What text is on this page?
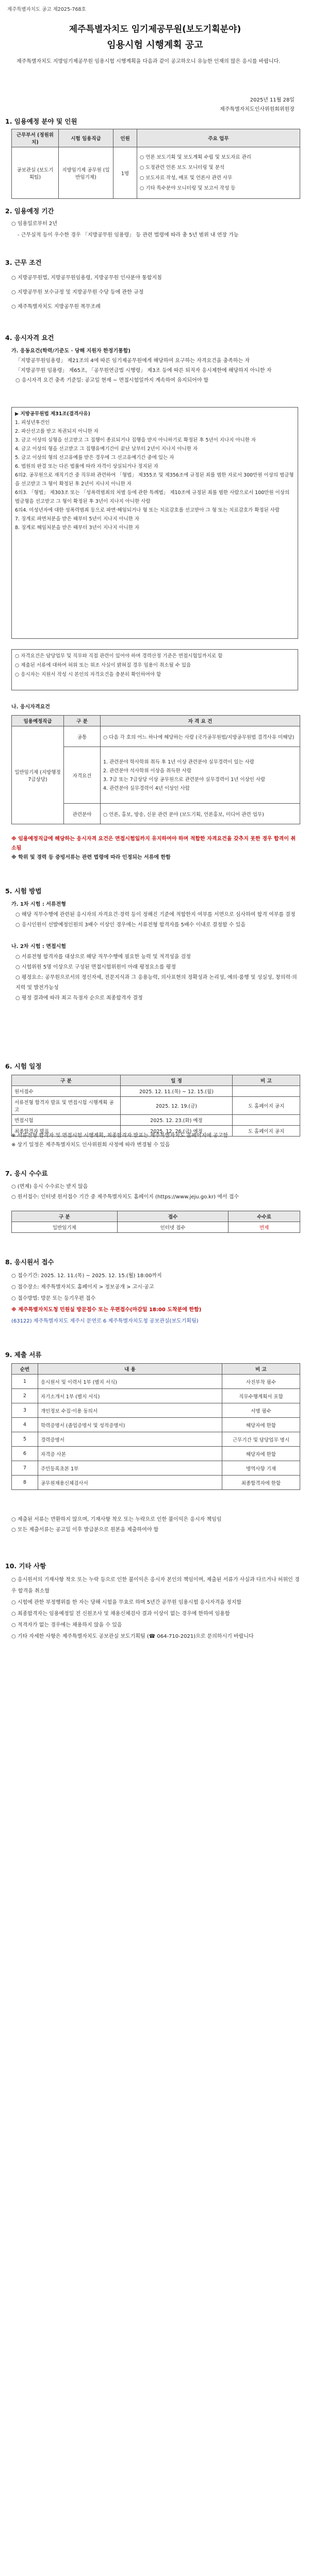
제주특별자치도 공고 제2025-768호
제주특별자치도 임기제공무원(보도기획분야)
임용시험 시행계획 공고
제주특별자치도 지방임기제공무원 임용시험 시행계획을 다음과 같이 공고하오니 유능한 인재의 많은 응시를 바랍니다.
2025년 11월 28일
제주특별자치도인사위원회위원장
1. 임용예정 분야 및 인원
근무부서 (정원위치)	시험 임용직급	인원	주요 업무
공보관실 (보도기획팀)	지방임기제 공무원 (일반임기제)	1명	○ 언론 보도기획 및 보도계획 수립 및 보도자료 관리
○ 도정관련 언론 보도 모니터링 및 분석
○ 보도자료 작성, 배포 및 언론사 관련 사무
○ 기타 특수분야 모니터링 및 보고서 작성 등
2. 임용예정 기간
○ 임용일로부터 2년
- 근무실적 등이 우수한 경우 「지방공무원 임용령」 등 관련 법령에 따라 총 5년 범위 내 연장 가능
3. 근무 조건
○ 지방공무원법, 지방공무원임용령, 지방공무원 인사분야 통합지침
○ 지방공무원 보수규정 및 지방공무원 수당 등에 관한 규정
○ 제주특별자치도 지방공무원 복무조례
4. 응시자격 요건
가. 응동요건(학력/기준도 · 당해 지원자 한정기통합)
「지방공무원임용령」 제21조의 4에 따른 임기제공무원에게 해당하여 요구하는 자격요건을 충족하는 자
「지방공무원 임용령」 제65조, 「공무원연금법 시행령」 제3조 등에 따른 퇴직자 응시제한에 해당하지 아니한 자
○ 응시자격 요건 충족 기준일: 공고일 현재 ~ 면접시험일까지 계속하여 유지되어야 함
▶ 지방공무원법 제31조(결격사유)
1. 피성년후견인
2. 파산선고를 받고 복권되지 아니한 자
3. 금고 이상의 실형을 선고받고 그 집행이 종료되거나 집행을 받지 아니하기로 확정된 후 5년이 지나지 아니한 자
4. 금고 이상의 형을 선고받고 그 집행유예기간이 끝난 날부터 2년이 지나지 아니한 자
5. 금고 이상의 형의 선고유예를 받은 경우에 그 선고유예기간 중에 있는 자
6. 법원의 판결 또는 다른 법률에 따라 자격이 상실되거나 정지된 자
6의2. 공무원으로 재직기간 중 직무와 관련하여 「형법」 제355조 및 제356조에 규정된 죄를 범한 자로서 300만원 이상의 벌금형을 선고받고 그 형이 확정된 후 2년이 지나지 아니한 자
6의3. 「형법」 제303조 또는 「성폭력범죄의 처벌 등에 관한 특례법」 제10조에 규정된 죄를 범한 사람으로서 100만원 이상의 벌금형을 선고받고 그 형이 확정된 후 3년이 지나지 아니한 사람
6의4. 미성년자에 대한 성폭력범죄 등으로 파면·해임되거나 형 또는 치료감호를 선고받아 그 형 또는 치료감호가 확정된 사람
7. 징계로 파면처분을 받은 때부터 5년이 지나지 아니한 자
8. 징계로 해임처분을 받은 때부터 3년이 지나지 아니한 자
○ 자격요건은 담당업무 및 직무와 직접 관련이 있어야 하며 경력산정 기준은 면접시험일까지로 함
○ 제출된 서류에 대하여 허위 또는 위조 사실이 밝혀질 경우 임용이 취소될 수 있음
○ 응시자는 지원서 작성 시 본인의 자격요건을 충분히 확인하여야 함
나. 응시자격요건
임용예정직급	구 분	자 격 요 건
일반임기제 (지방행정 7급상당)	공통	○ 다음 각 호의 어느 하나에 해당하는 사람 (국가공무원법/지방공무원법 결격사유 미해당)
	자격요건	1. 관련분야 학사학위 취득 후 1년 이상 관련분야 실무경력이 있는 사람
2. 관련분야 석사학위 이상을 취득한 사람
3. 7급 또는 7급상당 이상 공무원으로 관련분야 실무경력이 1년 이상인 사람
4. 관련분야 실무경력이 4년 이상인 사람
	관련분야	○ 언론, 홍보, 방송, 신문 관련 분야 (보도기획, 언론홍보, 미디어 관련 업무)
※ 임용예정직급에 해당하는 응시자격 요건은 면접시험일까지 유지하여야 하며 적합한 자격요건을 갖추지 못한 경우 합격이 취소됨
※ 학위 및 경력 등 증빙서류는 관련 법령에 따라 인정되는 서류에 한함
5. 시험 방법
가. 1차 시험 : 서류전형
○ 해당 직무수행에 관련된 응시자의 자격요건·경력 등이 정해진 기준에 적합한지 여부를 서면으로 심사하여 합격 여부를 결정
○ 응시인원이 선발예정인원의 3배수 이상인 경우에는 서류전형 합격자를 5배수 이내로 결정할 수 있음
나. 2차 시험 : 면접시험
○ 서류전형 합격자를 대상으로 해당 직무수행에 필요한 능력 및 적격성을 검정
○ 시험위원 5명 이상으로 구성된 면접시험위원이 아래 평정요소를 평정
○ 평정요소: 공무원으로서의 정신자세, 전문지식과 그 응용능력, 의사표현의 정확성과 논리성, 예의·품행 및 성실성, 창의력·의지력 및 발전가능성
○ 평정 결과에 따라 최고 득점자 순으로 최종합격자 결정
6. 시험 일정
구 분	일 정	비 고
원서접수	2025. 12. 11.(목) ~ 12. 15.(월)	
서류전형 합격자 발표 및 면접시험 시행계획 공고	2025. 12. 19.(금)	도 홈페이지 공지
면접시험	2025. 12. 23.(화) 예정	
최종합격자 발표	2025. 12. 26.(금) 예정	도 홈페이지 공지
※ 서류전형 합격자 및 면접시험 시행계획, 최종합격자 발표는 제주특별자치도 홈페이지에 공고함
※ 상기 일정은 제주특별자치도 인사위원회 사정에 따라 변경될 수 있음
7. 응시 수수료
○ (면제) 응시 수수료는 받지 않음
○ 원서접수: 인터넷 원서접수 기간 중 제주특별자치도 홈페이지 (https://www.jeju.go.kr) 에서 접수
구 분	접수	수수료
일반임기제	인터넷 접수	면제
8. 응시원서 접수
○ 접수기간: 2025. 12. 11.(목) ~ 2025. 12. 15.(월) 18:00까지
○ 접수장소: 제주특별자치도 홈페이지 > 정보공개 > 고시·공고
○ 접수방법: 방문 또는 등기우편 접수
※ 제주특별자치도청 민원실 방문접수 또는 우편접수(마감일 18:00 도착분에 한함)
(63122) 제주특별자치도 제주시 문연로 6 제주특별자치도청 공보관실(보도기획팀)
9. 제출 서류
순번	내 용	비 고
1	응시원서 및 이력서 1부 (별지 서식)	사진부착 필수
2	자기소개서 1부 (별지 서식)	직무수행계획서 포함
3	개인정보 수집·이용 동의서	서명 필수
4	학력증명서 (졸업증명서 및 성적증명서)	해당자에 한함
5	경력증명서	근무기간 및 담당업무 명시
6	자격증 사본	해당자에 한함
7	주민등록초본 1부	병역사항 기재
8	공무원채용신체검사서	최종합격자에 한함
○ 제출된 서류는 반환하지 않으며, 기재사항 착오 또는 누락으로 인한 불이익은 응시자 책임임
○ 모든 제출서류는 공고일 이후 발급분으로 원본을 제출하여야 함
10. 기타 사항
○ 응시원서의 기재사항 착오 또는 누락 등으로 인한 불이익은 응시자 본인의 책임이며, 제출된 서류가 사실과 다르거나 허위인 경우 합격을 취소함
○ 시험에 관한 부정행위를 한 자는 당해 시험을 무효로 하며 5년간 공무원 임용시험 응시자격을 정지함
○ 최종합격자는 임용예정일 전 신원조사 및 채용신체검사 결과 이상이 없는 경우에 한하여 임용함
○ 적격자가 없는 경우에는 채용하지 않을 수 있음
○ 기타 자세한 사항은 제주특별자치도 공보관실 보도기획팀 (☎ 064-710-2021)으로 문의하시기 바랍니다
